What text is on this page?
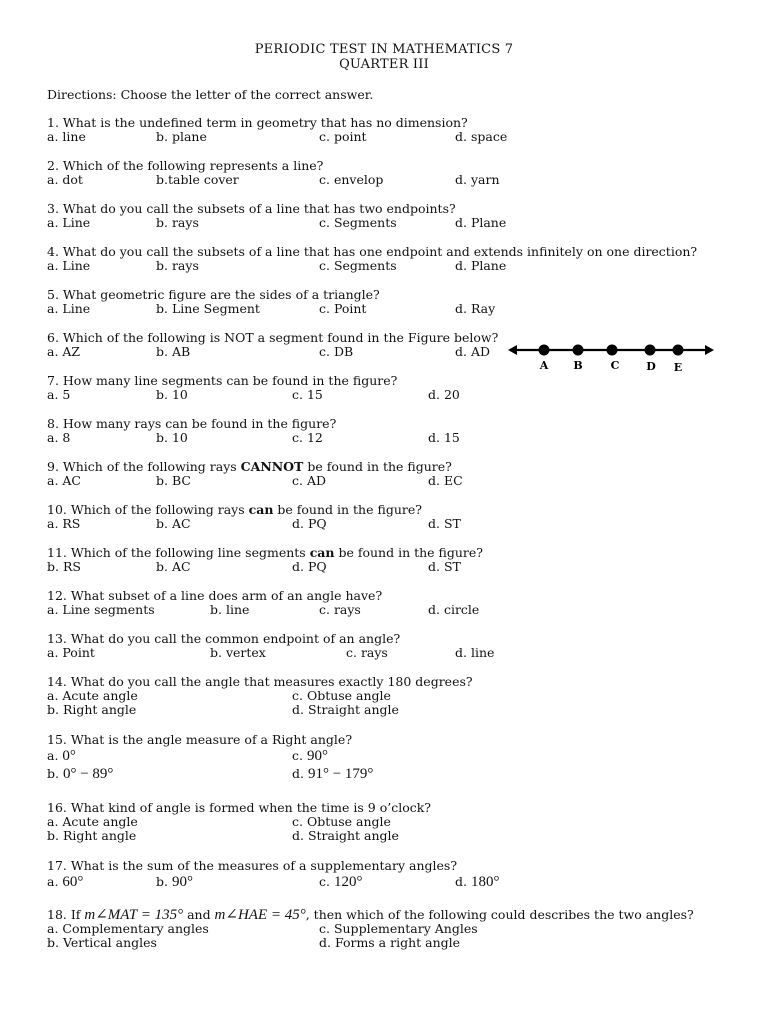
PERIODIC TEST IN MATHEMATICS 7
QUARTER III
Directions: Choose the letter of the correct answer.
1. What is the undefined term in geometry that has no dimension?
a. line	b. plane	c. point	d. space
2. Which of the following represents a line?
a. dot	b.table cover	c. envelop	d. yarn
3. What do you call the subsets of a line that has two endpoints?
a. Line	b. rays	c. Segments	d. Plane
4. What do you call the subsets of a line that has one endpoint and extends infinitely on one direction?
a. Line	b. rays	c. Segments	d. Plane
5. What geometric figure are the sides of a triangle?
a. Line	b. Line Segment	c. Point	d. Ray
6. Which of the following is NOT a segment found in the Figure below?
a. AZ	b. AB	c. DB	d. AD
A B	C D E
7. How many line segments can be found in the figure?
a. 5	b. 10	c. 15	d. 20
8. How many rays can be found in the figure?
a. 8	b. 10	c. 12	d. 15
9. Which of the following rays CANNOT be found in the figure?
a. AC	b. BC	c. AD	d. EC
10. Which of the following rays can be found in the figure?
a. RS	b. AC	d. PQ	d. ST
11. Which of the following line segments can be found in the figure?
b. RS	b. AC	d. PQ	d. ST
12. What subset of a line does arm of an angle have?
a. Line segments	b. line	c. rays	d. circle
13. What do you call the common endpoint of an angle?
a. Point	b. vertex	c. rays	d. line
14. What do you call the angle that measures exactly 180 degrees?
a. Acute angle	c. Obtuse angle
b. Right angle	d. Straight angle
15. What is the angle measure of a Right angle?
a. 0°	c. 90°
b. 0° − 89°	d. 91° − 179°
16. What kind of angle is formed when the time is 9 o’clock?
a. Acute angle	c. Obtuse angle
b. Right angle	d. Straight angle
17. What is the sum of the measures of a supplementary angles?
a. 60°	b. 90°	c. 120°	d. 180°
18. If m∠MAT = 135° and m∠HAE = 45°, then which of the following could describes the two angles?
a. Complementary angles	c. Supplementary Angles
b. Vertical angles	d. Forms a right angle
